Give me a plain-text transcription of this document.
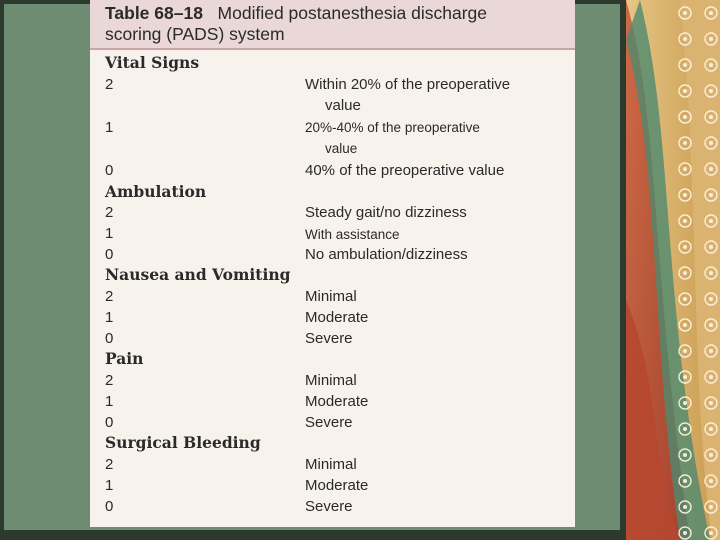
Table 68–18 Modified postanesthesia discharge
scoring (PADS) system
Vital Signs
2	Within 20% of the preoperative
value
1	20%-40% of the preoperative
value
0	40% of the preoperative value
Ambulation
2	Steady gait/no dizziness
1	With assistance
0	No ambulation/dizziness
Nausea and Vomiting
2	Minimal
1	Moderate
0	Severe
Pain
2	Minimal
1	Moderate
0	Severe
Surgical Bleeding
2	Minimal
1	Moderate
0	Severe
